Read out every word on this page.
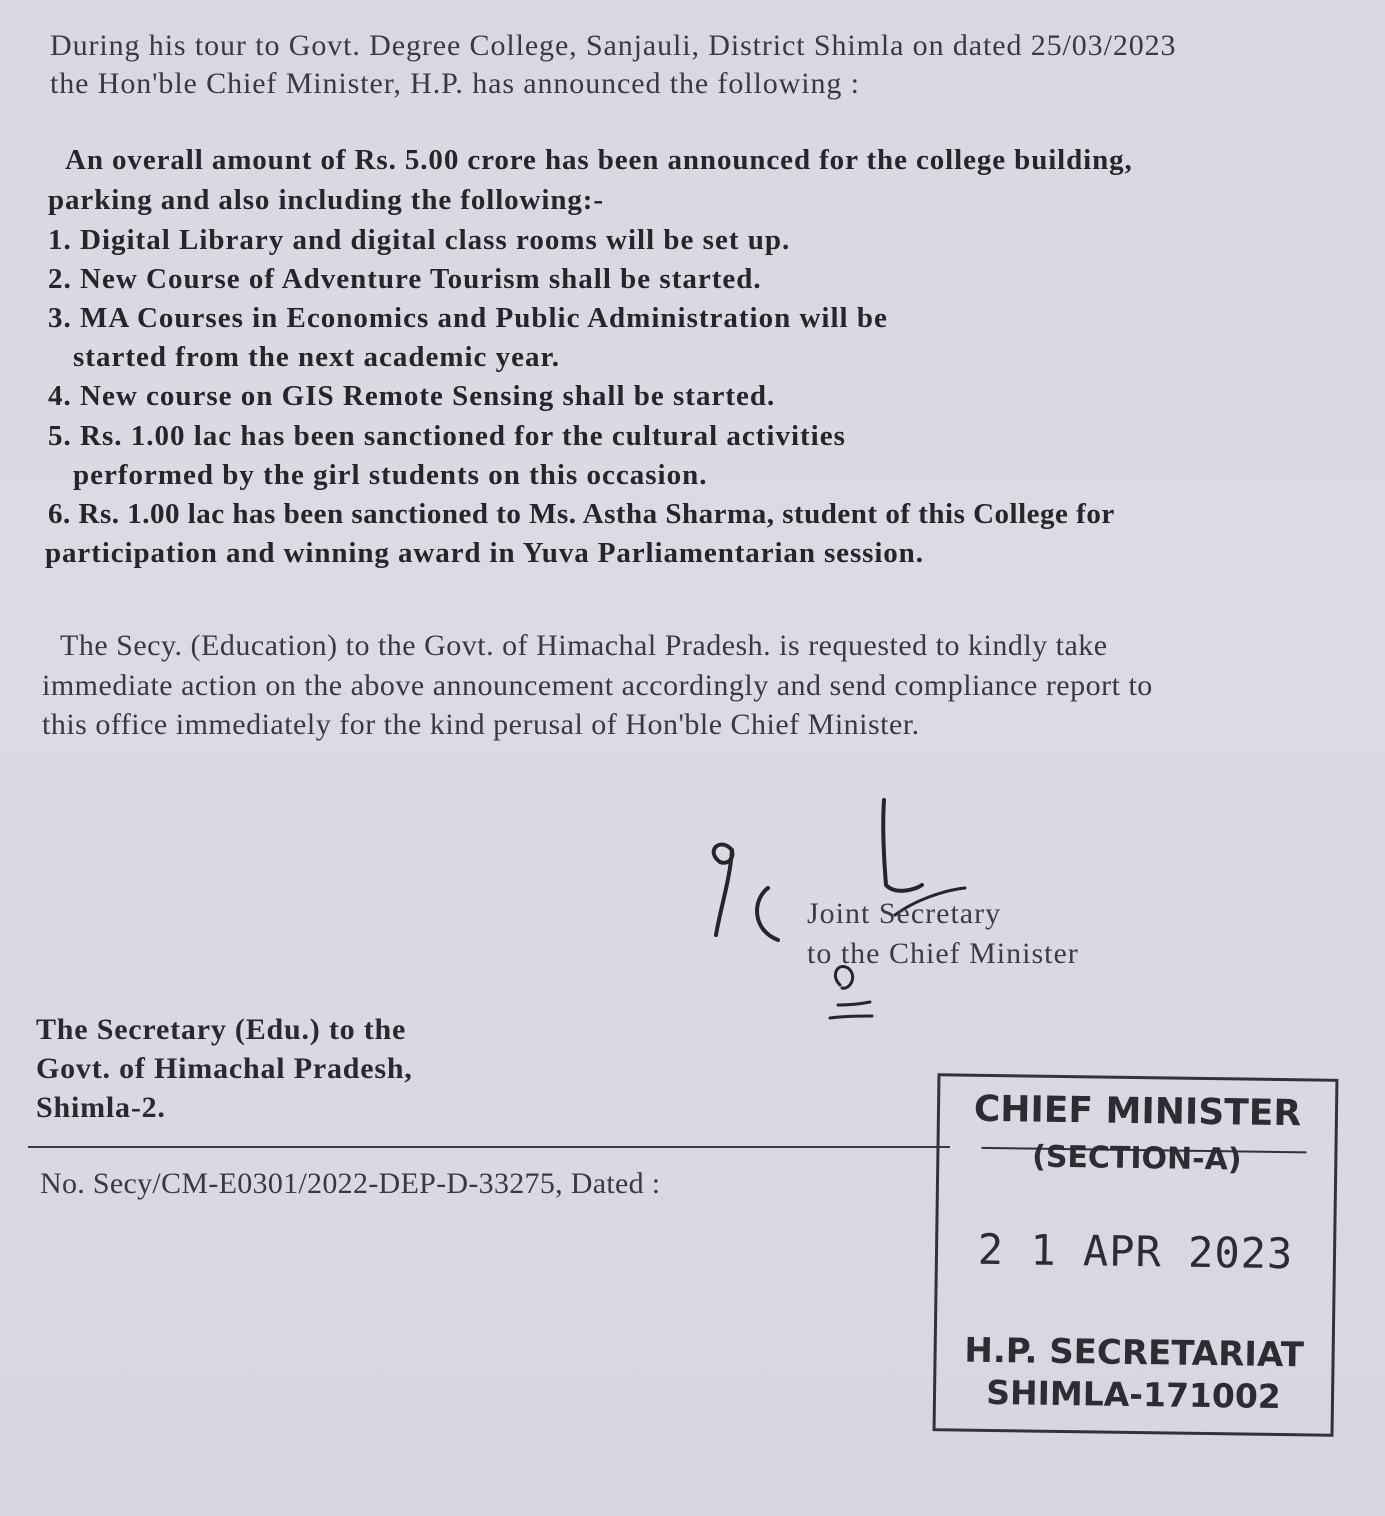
During his tour to Govt. Degree College, Sanjauli, District Shimla on dated 25/03/2023
the Hon'ble Chief Minister, H.P. has announced the following :
An overall amount of Rs. 5.00 crore has been announced for the college building,
parking and also including the following:-
1. Digital Library and digital class rooms will be set up.
2. New Course of Adventure Tourism shall be started.
3. MA Courses in Economics and Public Administration will be
started from the next academic year.
4. New course on GIS Remote Sensing shall be started.
5. Rs. 1.00 lac has been sanctioned for the cultural activities
performed by the girl students on this occasion.
6. Rs. 1.00 lac has been sanctioned to Ms. Astha Sharma, student of this College for
participation and winning award in Yuva Parliamentarian session.
The Secy. (Education) to the Govt. of Himachal Pradesh. is requested to kindly take
immediate action on the above announcement accordingly and send compliance report to
this office immediately for the kind perusal of Hon'ble Chief Minister.
Joint Secretary
to the Chief Minister
The Secretary (Edu.) to the
Govt. of Himachal Pradesh,
Shimla-2.
No. Secy/CM-E0301/2022-DEP-D-33275, Dated :
CHIEF MINISTER
(SECTION-A)
2 1 APR 2023
H.P. SECRETARIAT
SHIMLA-171002
